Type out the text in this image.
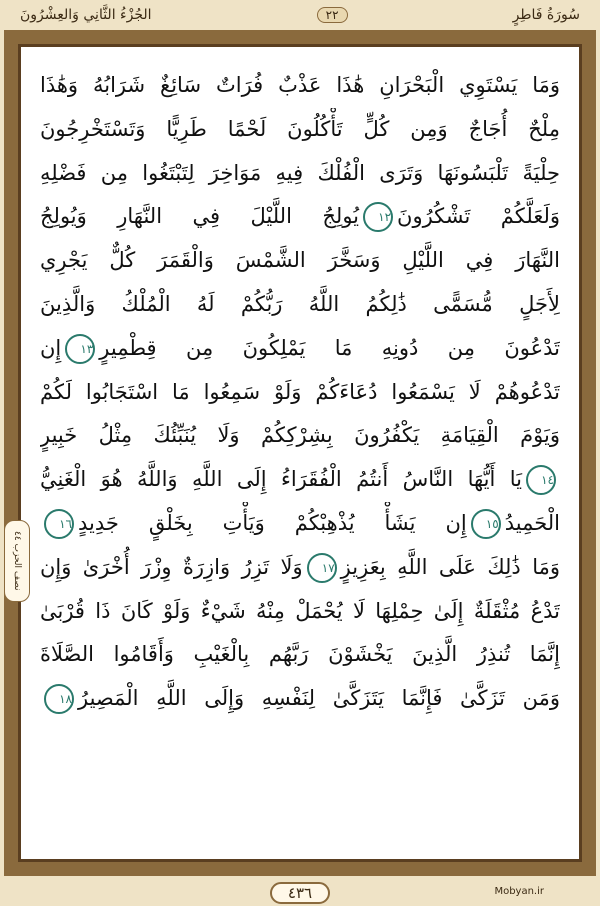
سُورَةُ فَاطِرٍ
٢٢
الجُزْءُ الثَّانِي وَالعِشْرُونَ
وَمَا يَسْتَوِي الْبَحْرَانِ هَٰذَا عَذْبٌ فُرَاتٌ سَائِغٌ شَرَابُهُ وَهَٰذَا
مِلْحٌ أُجَاجٌ وَمِن كُلٍّ تَأْكُلُونَ لَحْمًا طَرِيًّا وَتَسْتَخْرِجُونَ
حِلْيَةً تَلْبَسُونَهَا وَتَرَى الْفُلْكَ فِيهِ مَوَاخِرَ لِتَبْتَغُوا مِن فَضْلِهِ
وَلَعَلَّكُمْ تَشْكُرُونَ١٢يُولِجُ اللَّيْلَ فِي النَّهَارِ وَيُولِجُ
النَّهَارَ فِي اللَّيْلِ وَسَخَّرَ الشَّمْسَ وَالْقَمَرَ كُلٌّ يَجْرِي
لِأَجَلٍ مُّسَمًّى ذَٰلِكُمُ اللَّهُ رَبُّكُمْ لَهُ الْمُلْكُ وَالَّذِينَ
تَدْعُونَ مِن دُونِهِ مَا يَمْلِكُونَ مِن قِطْمِيرٍ١٣إِن
تَدْعُوهُمْ لَا يَسْمَعُوا دُعَاءَكُمْ وَلَوْ سَمِعُوا مَا اسْتَجَابُوا لَكُمْ
وَيَوْمَ الْقِيَامَةِ يَكْفُرُونَ بِشِرْكِكُمْ وَلَا يُنَبِّئُكَ مِثْلُ خَبِيرٍ
١٤يَا أَيُّهَا النَّاسُ أَنتُمُ الْفُقَرَاءُ إِلَى اللَّهِ وَاللَّهُ هُوَ الْغَنِيُّ
الْحَمِيدُ١٥إِن يَشَأْ يُذْهِبْكُمْ وَيَأْتِ بِخَلْقٍ جَدِيدٍ١٦
وَمَا ذَٰلِكَ عَلَى اللَّهِ بِعَزِيزٍ١٧وَلَا تَزِرُ وَازِرَةٌ وِزْرَ أُخْرَىٰ وَإِن
تَدْعُ مُثْقَلَةٌ إِلَىٰ حِمْلِهَا لَا يُحْمَلْ مِنْهُ شَيْءٌ وَلَوْ كَانَ ذَا قُرْبَىٰ
إِنَّمَا تُنذِرُ الَّذِينَ يَخْشَوْنَ رَبَّهُم بِالْغَيْبِ وَأَقَامُوا الصَّلَاةَ
وَمَن تَزَكَّىٰ فَإِنَّمَا يَتَزَكَّىٰ لِنَفْسِهِ وَإِلَى اللَّهِ الْمَصِيرُ١٨
نصف الحزب ٤٤
٤٣٦	Mobyan.ir
